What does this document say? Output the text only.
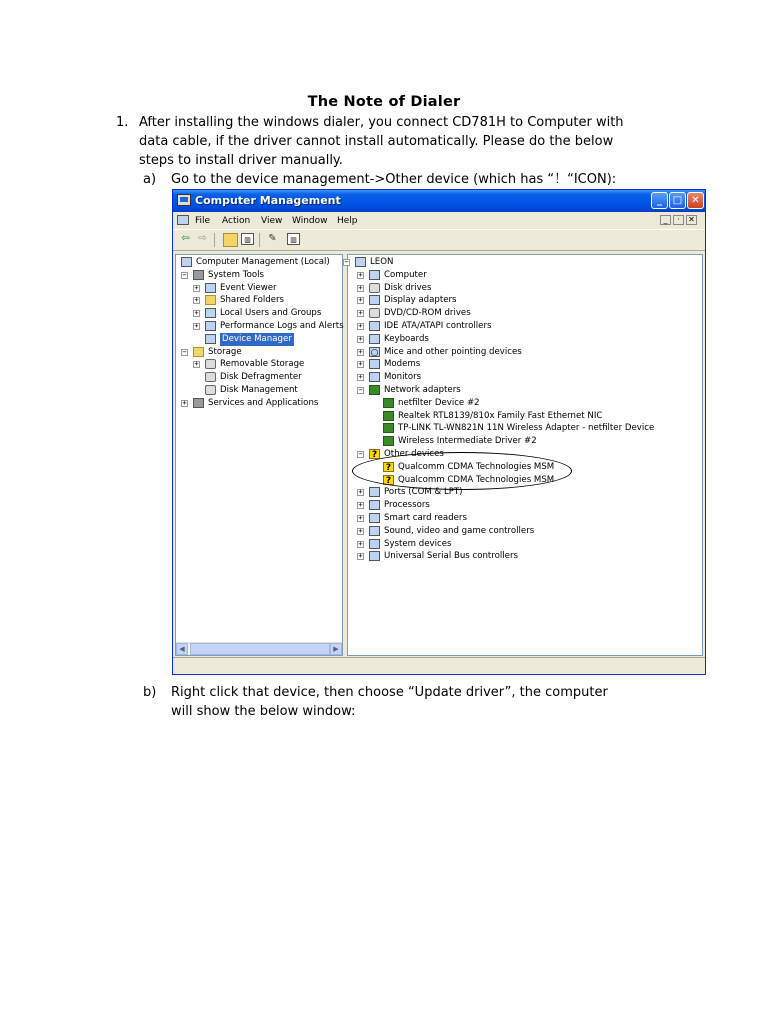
The Note of Dialer
1. After installing the windows dialer, you connect CD781H to Computer with
data cable, if the driver cannot install automatically. Please do the below
steps to install driver manually.
a) Go to the device management->Other device (which has “！“ICON):
Computer Management	_	□ ✕
File Action View Window Help	_	·	✕
⇦ ⇨	▥	✎	▥
◀	▶
Computer Management (Local)
− System Tools
+ Event Viewer
+ Shared Folders
+ Local Users and Groups
+ Performance Logs and Alerts
Device Manager
− Storage
+ Removable Storage
Disk Defragmenter
Disk Management
+ Services and Applications
− LEON
+ Computer
+ Disk drives
+ Display adapters
+ DVD/CD-ROM drives
+ IDE ATA/ATAPI controllers
+ Keyboards
+ ○ Mice and other pointing devices
+ Modems
+ Monitors
− Network adapters
netfilter Device #2
Realtek RTL8139/810x Family Fast Ethernet NIC
TP-LINK TL-WN821N 11N Wireless Adapter - netfilter Device
Wireless Intermediate Driver #2
−	? Other devices
? Qualcomm CDMA Technologies MSM
? Qualcomm CDMA Technologies MSM
+ Ports (COM & LPT)
+ Processors
+ Smart card readers
+ Sound, video and game controllers
+ System devices
+ Universal Serial Bus controllers
b) Right click that device, then choose “Update driver”, the computer
will show the below window:
